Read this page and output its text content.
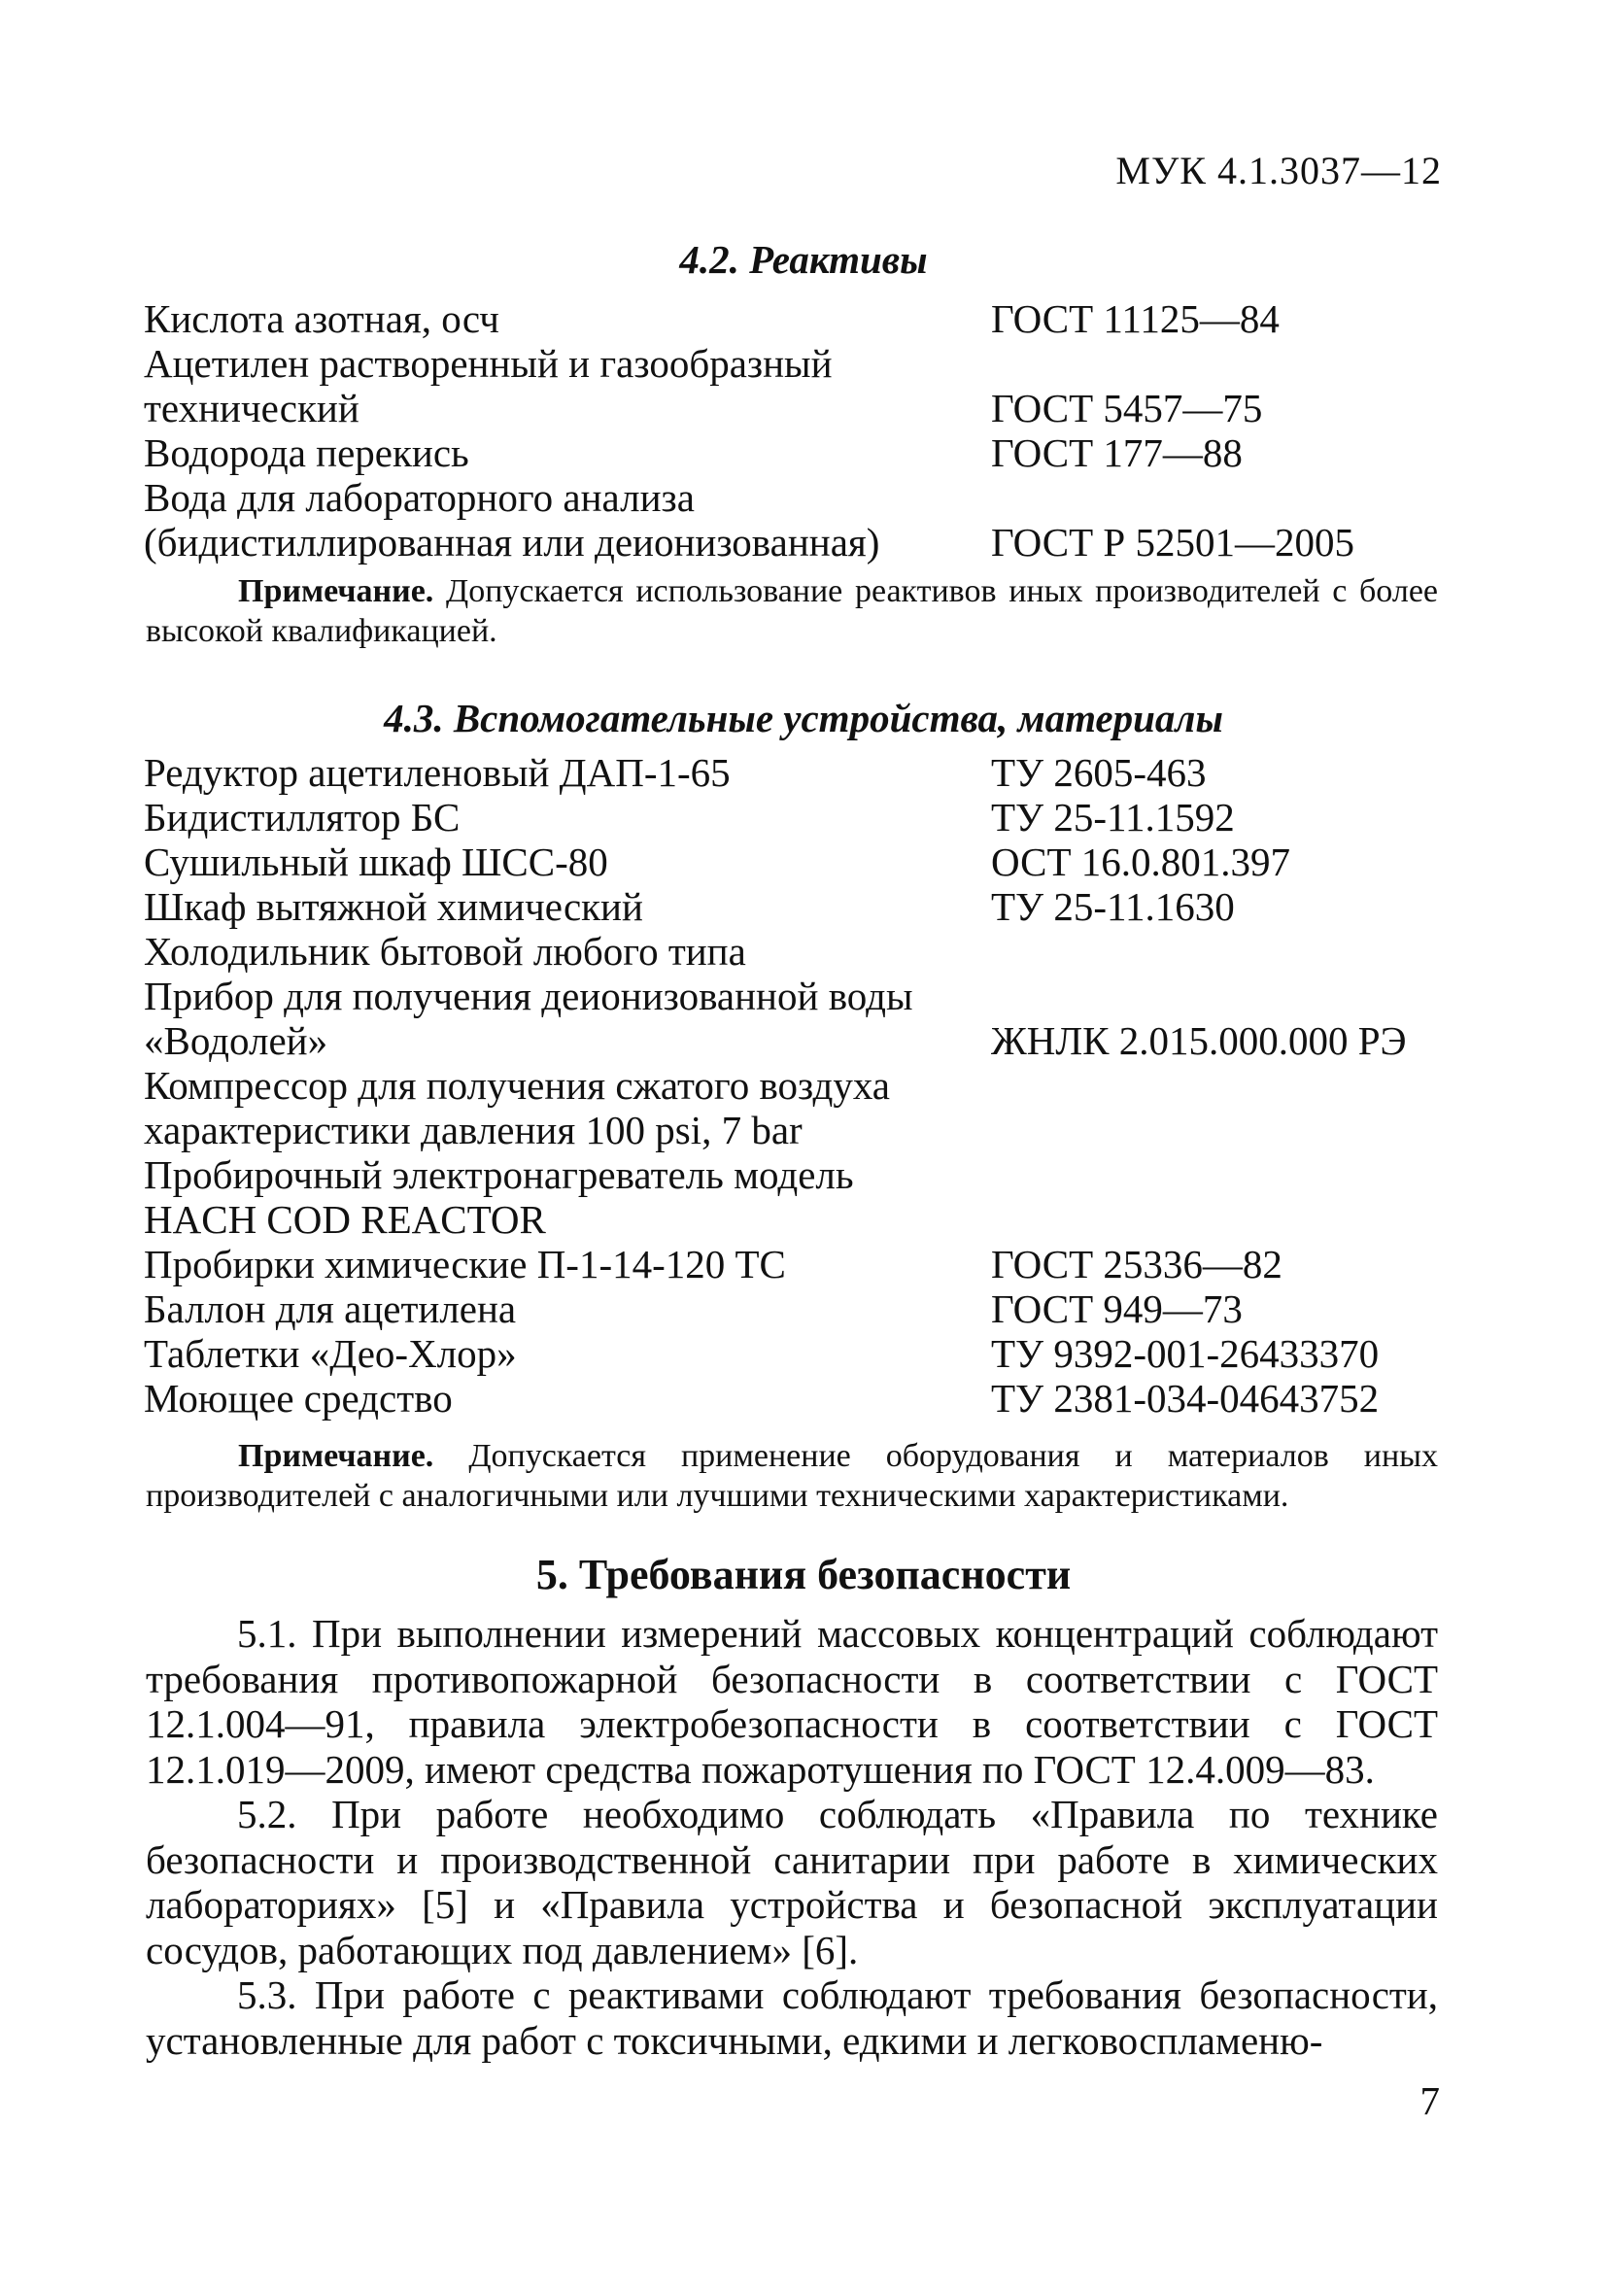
МУК 4.1.3037—12

4.2. Реактивы

Кислота азотная, осч	ГОСТ 11125—84
Ацетилен растворенный и газообразный технический	ГОСТ 5457—75
Водорода перекись	ГОСТ 177—88
Вода для лабораторного анализа (бидистиллированная или деионизованная)	ГОСТ Р 52501—2005

Примечание. Допускается использование реактивов иных производителей с более высокой квалификацией.

4.3. Вспомогательные устройства, материалы

Редуктор ацетиленовый ДАП-1-65	ТУ 2605-463
Бидистиллятор БС	ТУ 25-11.1592
Сушильный шкаф ШСС-80	ОСТ 16.0.801.397
Шкаф вытяжной химический	ТУ 25-11.1630
Холодильник бытовой любого типа
Прибор для получения деионизованной воды «Водолей»	ЖНЛК 2.015.000.000 РЭ
Компрессор для получения сжатого воздуха характеристики давления 100 psi, 7 bar
Пробирочный электронагреватель модель HACH COD REACTOR
Пробирки химические П-1-14-120 ТС	ГОСТ 25336—82
Баллон для ацетилена	ГОСТ 949—73
Таблетки «Део-Хлор»	ТУ 9392-001-26433370
Моющее средство	ТУ 2381-034-04643752

Примечание. Допускается применение оборудования и материалов иных производителей с аналогичными или лучшими техническими характеристиками.

5. Требования безопасности

5.1. При выполнении измерений массовых концентраций соблюдают требования противопожарной безопасности в соответствии с ГОСТ 12.1.004—91, правила электробезопасности в соответствии с ГОСТ 12.1.019—2009, имеют средства пожаротушения по ГОСТ 12.4.009—83.

5.2. При работе необходимо соблюдать «Правила по технике безопасности и производственной санитарии при работе в химических лабораториях» [5] и «Правила устройства и безопасной эксплуатации сосудов, работающих под давлением» [6].

5.3. При работе с реактивами соблюдают требования безопасности, установленные для работ с токсичными, едкими и легковоспламеню-

7
